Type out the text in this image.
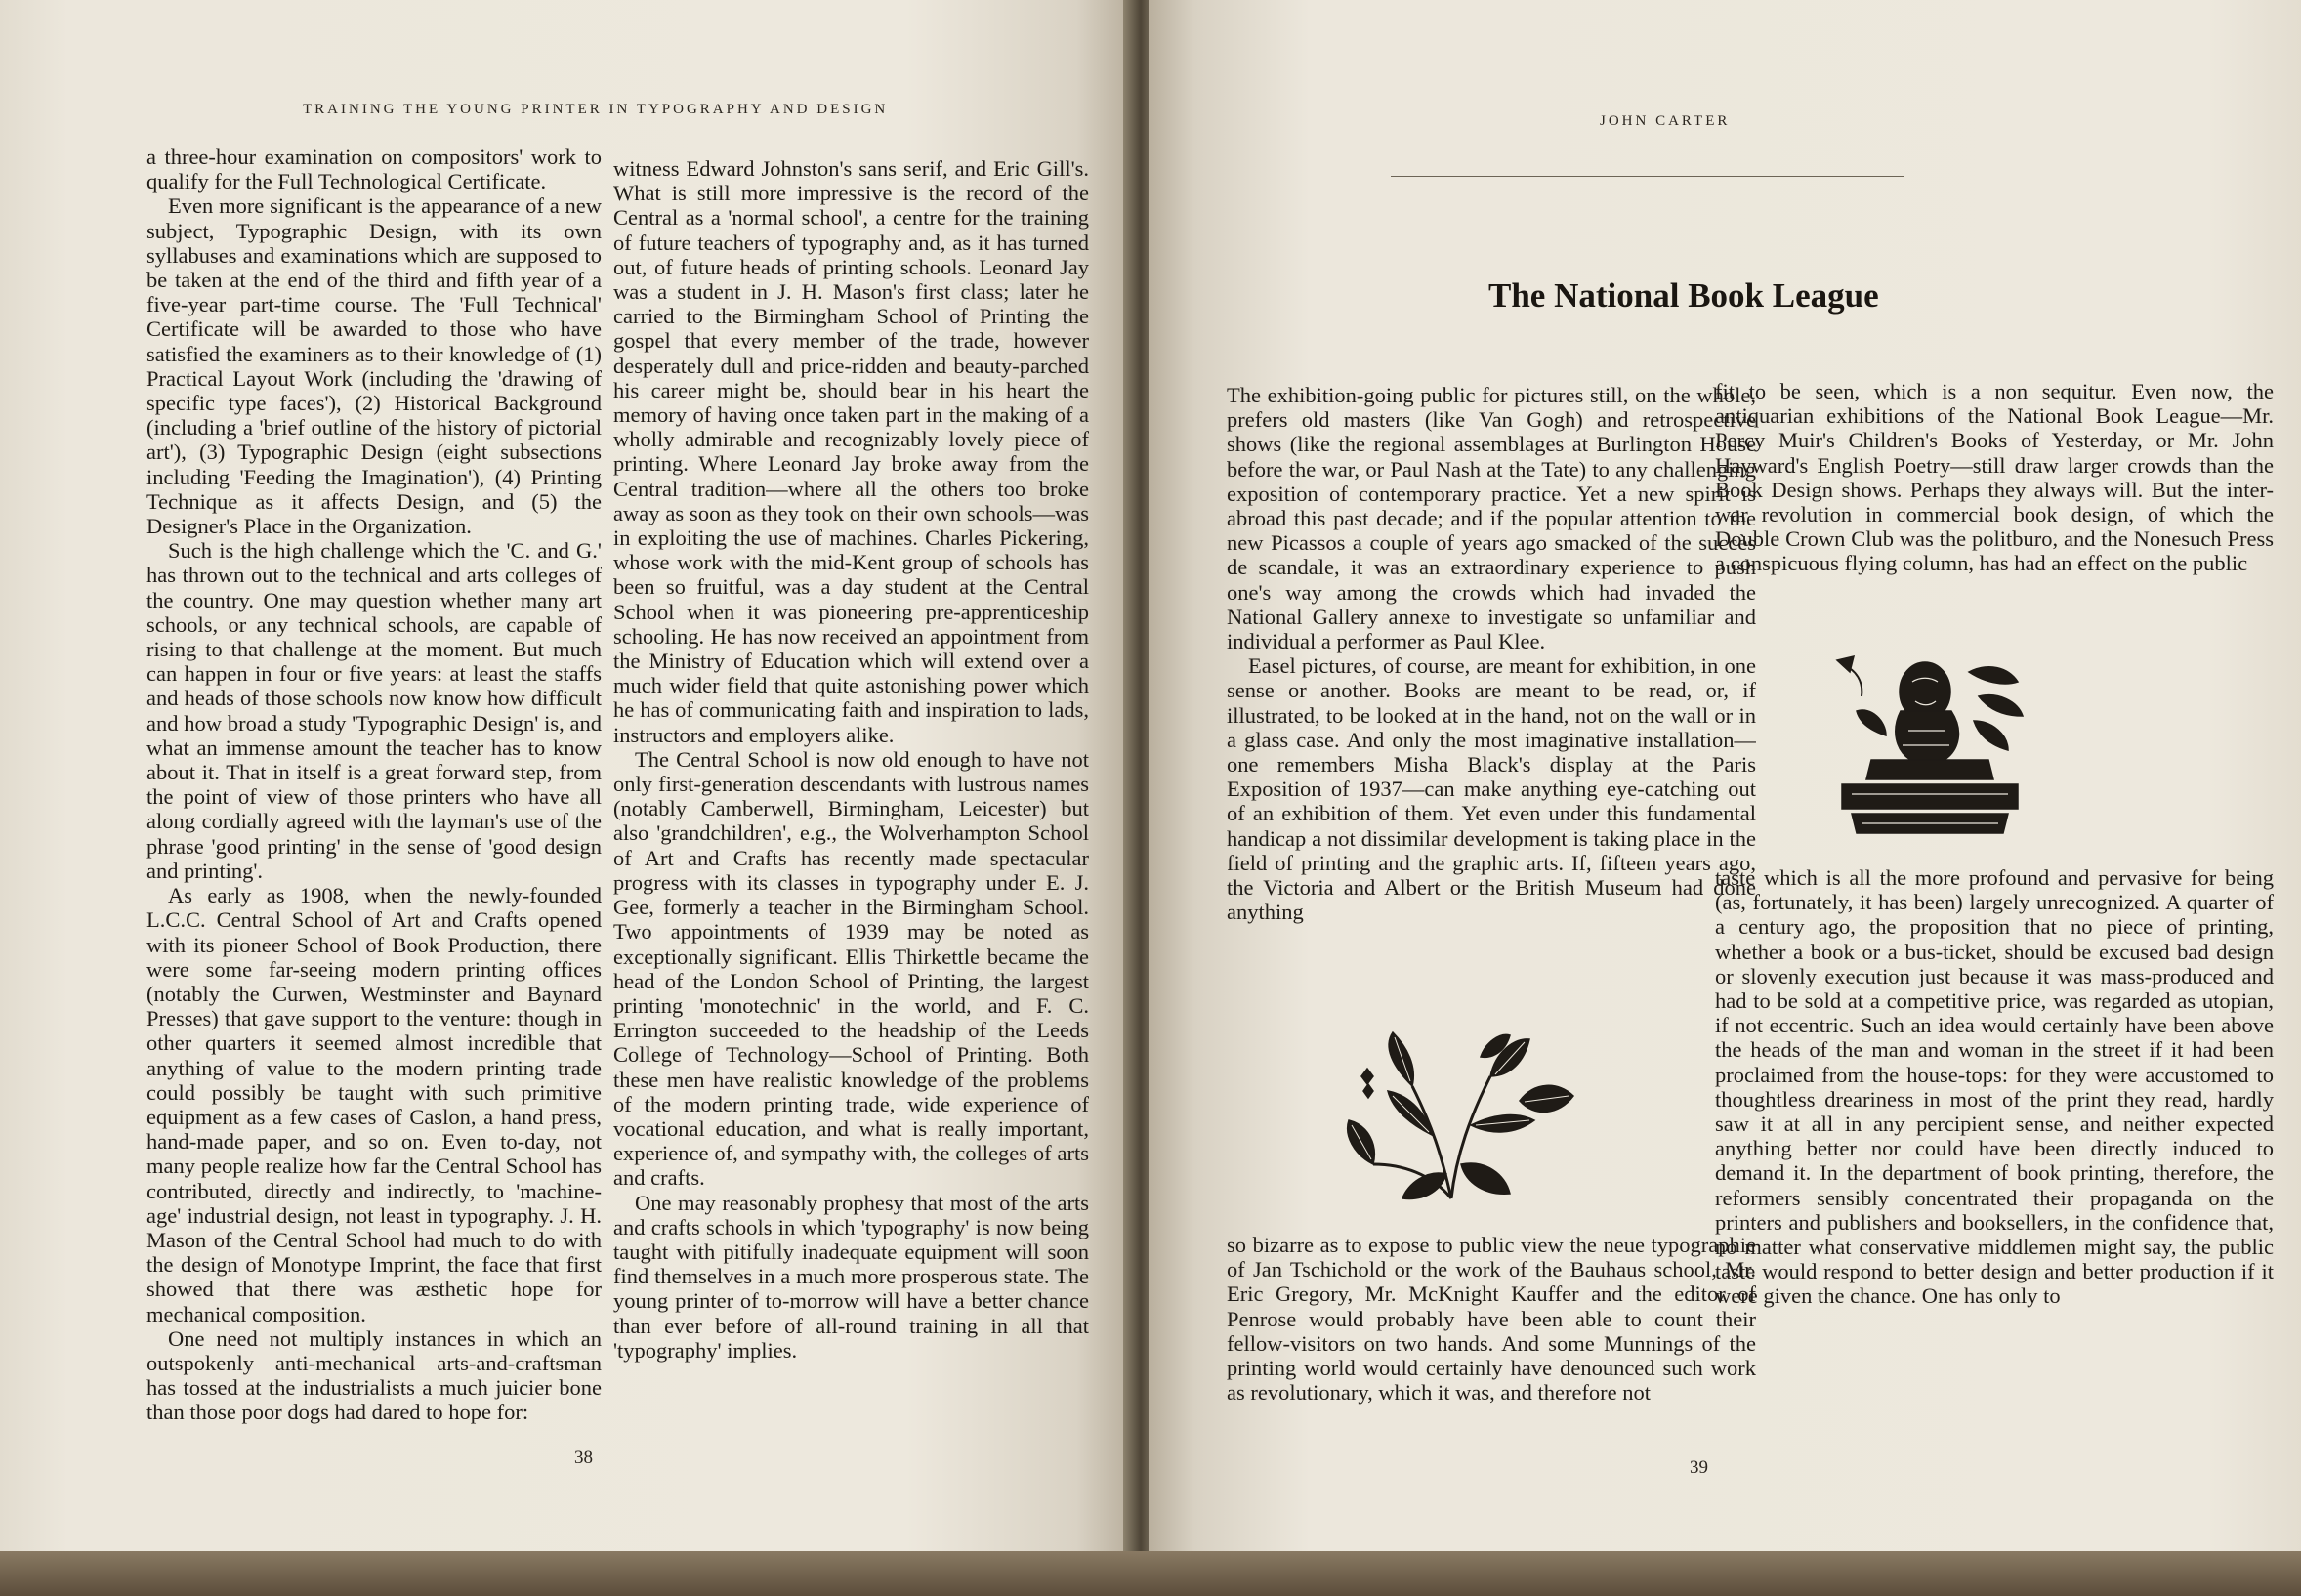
TRAINING THE YOUNG PRINTER IN TYPOGRAPHY AND DESIGN

a three-hour examination on compositors' work to qualify for the Full Technological Certificate.

Even more significant is the appearance of a new subject, Typographic Design, with its own syllabuses and examinations which are supposed to be taken at the end of the third and fifth year of a five-year part-time course. The 'Full Technical' Certificate will be awarded to those who have satisfied the examiners as to their knowledge of (1) Practical Layout Work (including the 'drawing of specific type faces'), (2) Historical Background (including a 'brief outline of the history of pictorial art'), (3) Typographic Design (eight subsections including 'Feeding the Imagination'), (4) Printing Technique as it affects Design, and (5) the Designer's Place in the Organization.

Such is the high challenge which the 'C. and G.' has thrown out to the technical and arts colleges of the country. One may question whether many art schools, or any technical schools, are capable of rising to that challenge at the moment. But much can happen in four or five years: at least the staffs and heads of those schools now know how difficult and how broad a study 'Typographic Design' is, and what an immense amount the teacher has to know about it. That in itself is a great forward step, from the point of view of those printers who have all along cordially agreed with the layman's use of the phrase 'good printing' in the sense of 'good design and printing'.

As early as 1908, when the newly-founded L.C.C. Central School of Art and Crafts opened with its pioneer School of Book Production, there were some far-seeing modern printing offices (notably the Curwen, Westminster and Baynard Presses) that gave support to the venture: though in other quarters it seemed almost incredible that anything of value to the modern printing trade could possibly be taught with such primitive equipment as a few cases of Caslon, a hand press, hand-made paper, and so on. Even to-day, not many people realize how far the Central School has contributed, directly and indirectly, to 'machine-age' industrial design, not least in typography. J. H. Mason of the Central School had much to do with the design of Monotype Imprint, the face that first showed that there was æsthetic hope for mechanical composition.

One need not multiply instances in which an outspokenly anti-mechanical arts-and-craftsman has tossed at the industrialists a much juicier bone than those poor dogs had dared to hope for:

witness Edward Johnston's sans serif, and Eric Gill's. What is still more impressive is the record of the Central as a 'normal school', a centre for the training of future teachers of typography and, as it has turned out, of future heads of printing schools. Leonard Jay was a student in J. H. Mason's first class; later he carried to the Birmingham School of Printing the gospel that every member of the trade, however desperately dull and price-ridden and beauty-parched his career might be, should bear in his heart the memory of having once taken part in the making of a wholly admirable and recognizably lovely piece of printing. Where Leonard Jay broke away from the Central tradition—where all the others too broke away as soon as they took on their own schools—was in exploiting the use of machines. Charles Pickering, whose work with the mid-Kent group of schools has been so fruitful, was a day student at the Central School when it was pioneering pre-apprenticeship schooling. He has now received an appointment from the Ministry of Education which will extend over a much wider field that quite astonishing power which he has of communicating faith and inspiration to lads, instructors and employers alike.

The Central School is now old enough to have not only first-generation descendants with lustrous names (notably Camberwell, Birmingham, Leicester) but also 'grandchildren', e.g., the Wolverhampton School of Art and Crafts has recently made spectacular progress with its classes in typography under E. J. Gee, formerly a teacher in the Birmingham School. Two appointments of 1939 may be noted as exceptionally significant. Ellis Thirkettle became the head of the London School of Printing, the largest printing 'monotechnic' in the world, and F. C. Errington succeeded to the headship of the Leeds College of Technology—School of Printing. Both these men have realistic knowledge of the problems of the modern printing trade, wide experience of vocational education, and what is really important, experience of, and sympathy with, the colleges of arts and crafts.

One may reasonably prophesy that most of the arts and crafts schools in which 'typography' is now being taught with pitifully inadequate equipment will soon find themselves in a much more prosperous state. The young printer of to-morrow will have a better chance than ever before of all-round training in all that 'typography' implies.

38
JOHN CARTER
The National Book League

The exhibition-going public for pictures still, on the whole, prefers old masters (like Van Gogh) and retrospective shows (like the regional assemblages at Burlington House before the war, or Paul Nash at the Tate) to any challenging exposition of contemporary practice. Yet a new spirit is abroad this past decade; and if the popular attention to the new Picassos a couple of years ago smacked of the succès de scandale, it was an extraordinary experience to push one's way among the crowds which had invaded the National Gallery annexe to investigate so unfamiliar and individual a performer as Paul Klee.

Easel pictures, of course, are meant for exhibition, in one sense or another. Books are meant to be read, or, if illustrated, to be looked at in the hand, not on the wall or in a glass case. And only the most imaginative installation—one remembers Misha Black's display at the Paris Exposition of 1937—can make anything eye-catching out of an exhibition of them. Yet even under this fundamental handicap a not dissimilar development is taking place in the field of printing and the graphic arts. If, fifteen years ago, the Victoria and Albert or the British Museum had done anything

so bizarre as to expose to public view the neue typographie of Jan Tschichold or the work of the Bauhaus school, Mr. Eric Gregory, Mr. McKnight Kauffer and the editor of Penrose would probably have been able to count their fellow-visitors on two hands. And some Munnings of the printing world would certainly have denounced such work as revolutionary, which it was, and therefore not

fit to be seen, which is a non sequitur. Even now, the antiquarian exhibitions of the National Book League—Mr. Percy Muir's Children's Books of Yesterday, or Mr. John Hayward's English Poetry—still draw larger crowds than the Book Design shows. Perhaps they always will. But the inter-war revolution in commercial book design, of which the Double Crown Club was the politburo, and the Nonesuch Press a conspicuous flying column, has had an effect on the public

taste which is all the more profound and pervasive for being (as, fortunately, it has been) largely unrecognized. A quarter of a century ago, the proposition that no piece of printing, whether a book or a bus-ticket, should be excused bad design or slovenly execution just because it was mass-produced and had to be sold at a competitive price, was regarded as utopian, if not eccentric. Such an idea would certainly have been above the heads of the man and woman in the street if it had been proclaimed from the house-tops: for they were accustomed to thoughtless dreariness in most of the print they read, hardly saw it at all in any percipient sense, and neither expected anything better nor could have been directly induced to demand it. In the department of book printing, therefore, the reformers sensibly concentrated their propaganda on the printers and publishers and booksellers, in the confidence that, no matter what conservative middlemen might say, the public taste would respond to better design and better production if it were given the chance. One has only to

39
